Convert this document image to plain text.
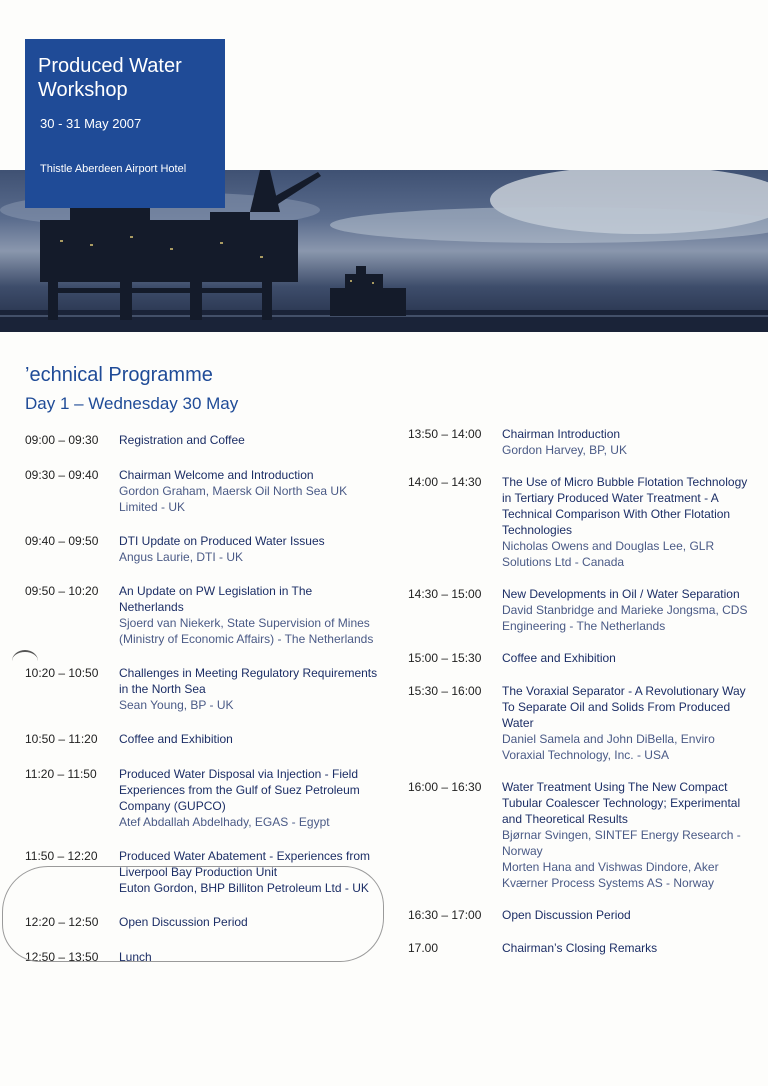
Produced Water Workshop
30 - 31 May 2007
Thistle Aberdeen Airport Hotel
’echnical Programme
Day 1 – Wednesday 30 May
09:00 – 09:30	Registration and Coffee
09:30 – 09:40	Chairman Welcome and Introduction
Gordon Graham, Maersk Oil North Sea UK Limited - UK
09:40 – 09:50	DTI Update on Produced Water Issues
Angus Laurie, DTI - UK
09:50 – 10:20	An Update on PW Legislation in The Netherlands
Sjoerd van Niekerk, State Supervision of Mines (Ministry of Economic Affairs) - The Netherlands
10:20 – 10:50	Challenges in Meeting Regulatory Requirements in the North Sea
Sean Young, BP - UK
10:50 – 11:20	Coffee and Exhibition
11:20 – 11:50	Produced Water Disposal via Injection - Field Experiences from the Gulf of Suez Petroleum Company (GUPCO)
Atef Abdallah Abdelhady, EGAS - Egypt
11:50 – 12:20	Produced Water Abatement - Experiences from Liverpool Bay Production Unit
Euton Gordon, BHP Billiton Petroleum Ltd - UK
12:20 – 12:50	Open Discussion Period
12:50 – 13:50	Lunch
13:50 – 14:00	Chairman Introduction
Gordon Harvey, BP, UK
14:00 – 14:30	The Use of Micro Bubble Flotation Technology in Tertiary Produced Water Treatment - A Technical Comparison With Other Flotation Technologies
Nicholas Owens and Douglas Lee, GLR Solutions Ltd - Canada
14:30 – 15:00	New Developments in Oil / Water Separation
David Stanbridge and Marieke Jongsma, CDS Engineering - The Netherlands
15:00 – 15:30	Coffee and Exhibition
15:30 – 16:00	The Voraxial Separator - A Revolutionary Way To Separate Oil and Solids From Produced Water
Daniel Samela and John DiBella, Enviro Voraxial Technology, Inc. - USA
16:00 – 16:30	Water Treatment Using The New Compact Tubular Coalescer Technology; Experimental and Theoretical Results
Bjørnar Svingen, SINTEF Energy Research - Norway
Morten Hana and Vishwas Dindore, Aker Kværner Process Systems AS - Norway
16:30 – 17:00	Open Discussion Period
17.00	Chairman’s Closing Remarks
